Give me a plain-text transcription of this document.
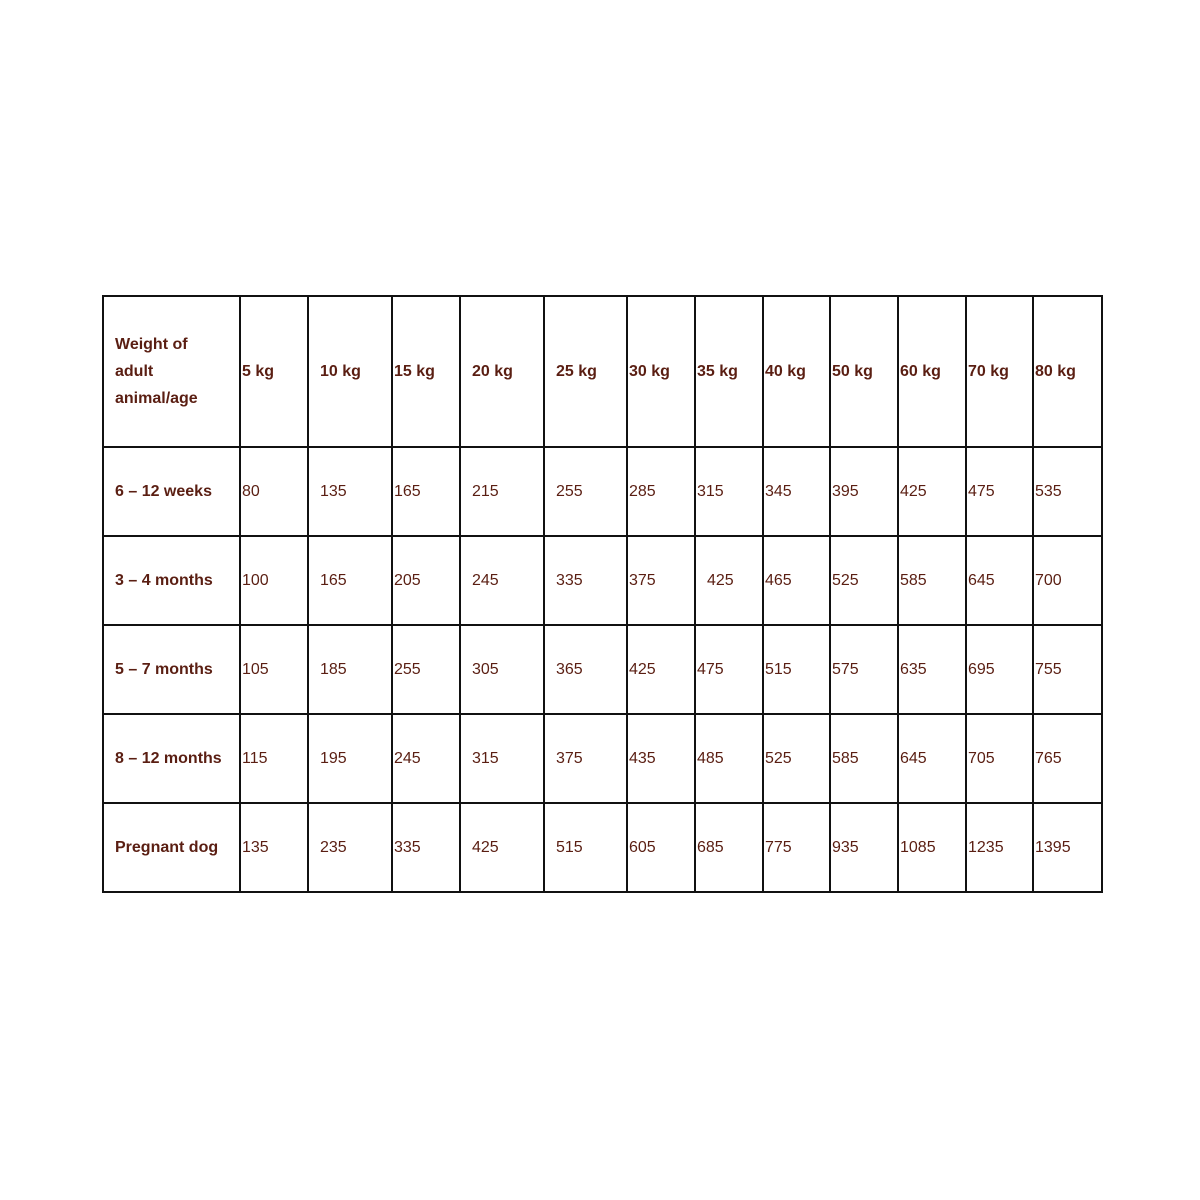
Weight of
adult
animal/age	5 kg	10 kg	15 kg	20 kg	25 kg	30 kg	35 kg	40 kg	50 kg	60 kg	70 kg	80 kg
6 – 12 weeks	80	135	165	215	255	285	315	345	395	425	475	535
3 – 4 months	100	165	205	245	335	375	425	465	525	585	645	700
5 – 7 months	105	185	255	305	365	425	475	515	575	635	695	755
8 – 12 months	115	195	245	315	375	435	485	525	585	645	705	765
Pregnant dog	135	235	335	425	515	605	685	775	935	1085	1235	1395
